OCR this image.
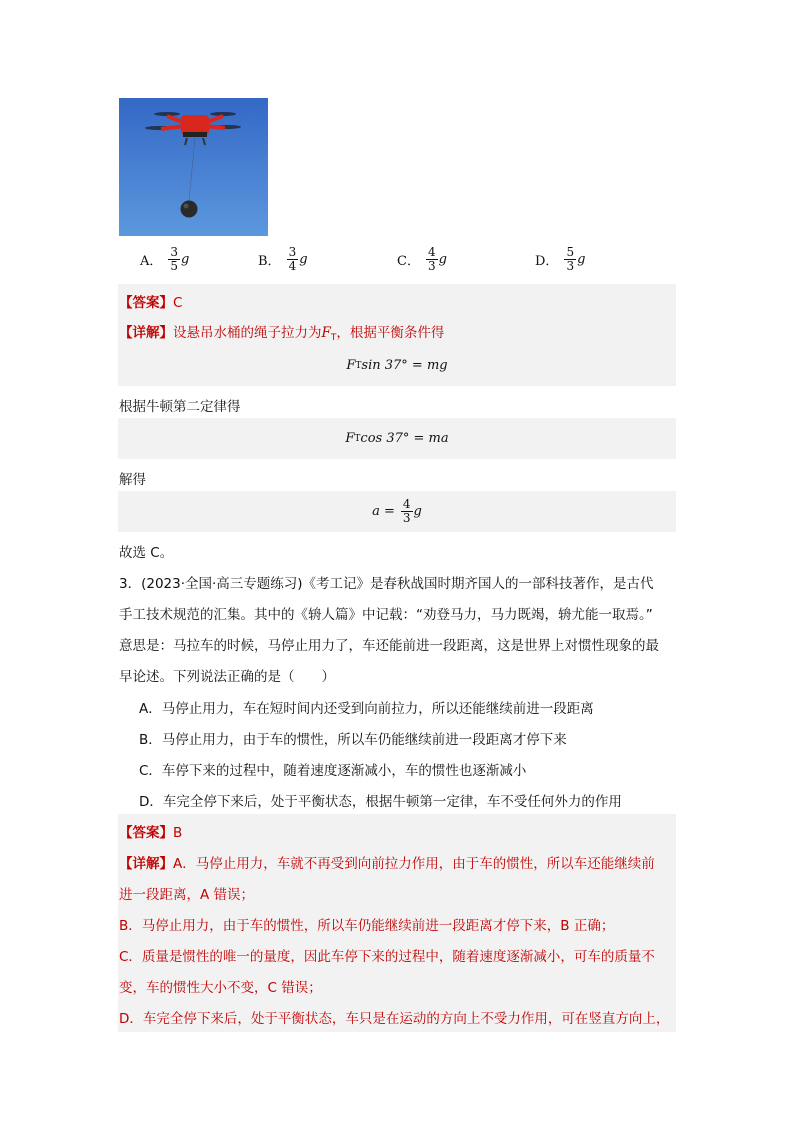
A． $\frac{3}{5}$ g	B． $\frac{3}{4}$ g	C． $\frac{4}{3}$ g	D． $\frac{5}{3}$ g
【答案】C
【详解】设悬吊水桶的绳子拉力为$F_T$，根据平衡条件得
F T sin 37° = mg
根据牛顿第二定律得
F T cos 37° = ma
解得
$a = \frac{4}{3}$ g
故选 C。
3．(2023·全国·高三专题练习)《考工记》是春秋战国时期齐国人的一部科技著作，是古代
手工技术规范的汇集。其中的《辀人篇》中记载：“劝登马力，马力既竭，辀尤能一取焉。”
意思是：马拉车的时候，马停止用力了，车还能前进一段距离，这是世界上对惯性现象的最
早论述。下列说法正确的是（　　）
A．马停止用力，车在短时间内还受到向前拉力，所以还能继续前进一段距离
B．马停止用力，由于车的惯性，所以车仍能继续前进一段距离才停下来
C．车停下来的过程中，随着速度逐渐减小，车的惯性也逐渐减小
D．车完全停下来后，处于平衡状态，根据牛顿第一定律，车不受任何外力的作用
【答案】B
【详解】A．马停止用力，车就不再受到向前拉力作用，由于车的惯性，所以车还能继续前
进一段距离，A 错误；
B．马停止用力，由于车的惯性，所以车仍能继续前进一段距离才停下来，B 正确；
C．质量是惯性的唯一的量度，因此车停下来的过程中，随着速度逐渐减小，可车的质量不
变，车的惯性大小不变，C 错误；
D．车完全停下来后，处于平衡状态，车只是在运动的方向上不受力作用，可在竖直方向上，
